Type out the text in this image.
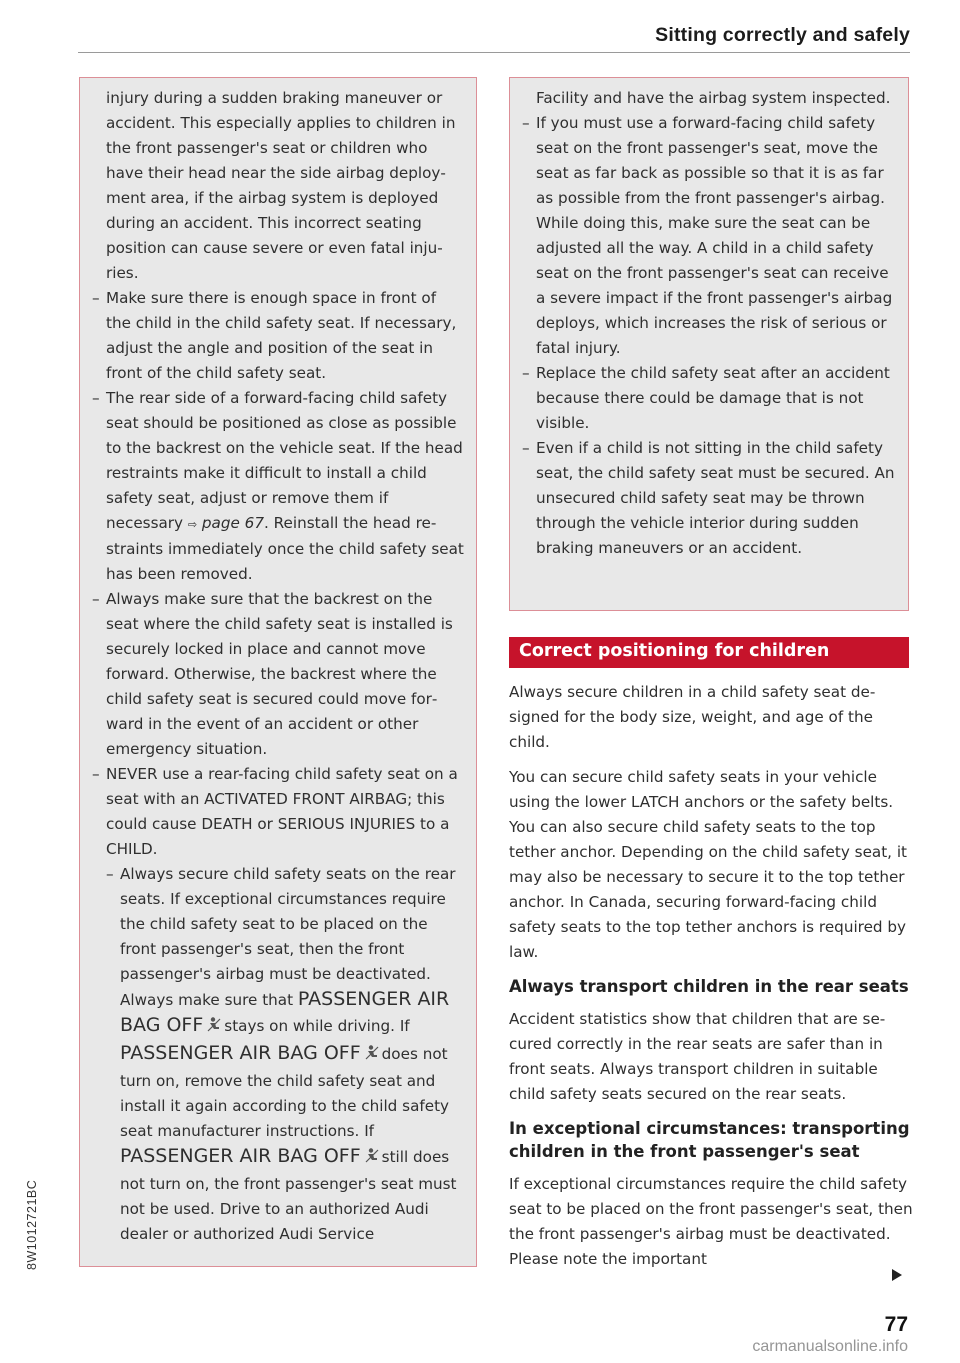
Sitting correctly and safely
8W1012721BC

injury during a sudden braking maneuver or accident. This especially applies to children in the front passenger's seat or children who have their head near the side airbag deployment area, if the airbag system is deployed during an accident. This incorrect seating position can cause severe or even fatal injuries.

– Make sure there is enough space in front of the child in the child safety seat. If necessary, adjust the angle and position of the seat in front of the child safety seat.

– The rear side of a forward-facing child safety seat should be positioned as close as possible to the backrest on the vehicle seat. If the head restraints make it difficult to install a child safety seat, adjust or remove them if necessary ⇨ page 67. Reinstall the head restraints immediately once the child safety seat has been removed.

– Always make sure that the backrest on the seat where the child safety seat is installed is securely locked in place and cannot move forward. Otherwise, the backrest where the child safety seat is secured could move forward in the event of an accident or other emergency situation.

– NEVER use a rear-facing child safety seat on a seat with an ACTIVATED FRONT AIRBAG; this could cause DEATH or SERIOUS INJURIES to a CHILD.

– Always secure child safety seats on the rear seats. If exceptional circumstances require the child safety seat to be placed on the front passenger's seat, then the front passenger's airbag must be deactivated. Always make sure that PASSENGER AIR BAG OFF stays on while driving. If PASSENGER AIR BAG OFF does not turn on, remove the child safety seat and install it again according to the child safety seat manufacturer instructions. If PASSENGER AIR BAG OFF still does not turn on, the front passenger's seat must not be used. Drive to an authorized Audi dealer or authorized Audi Service

Facility and have the airbag system inspected.

– If you must use a forward-facing child safety seat on the front passenger's seat, move the seat as far back as possible so that it is as far as possible from the front passenger's airbag. While doing this, make sure the seat can be adjusted all the way. A child in a child safety seat on the front passenger's seat can receive a severe impact if the front passenger's airbag deploys, which increases the risk of serious or fatal injury.

– Replace the child safety seat after an accident because there could be damage that is not visible.

– Even if a child is not sitting in the child safety seat, the child safety seat must be secured. An unsecured child safety seat may be thrown through the vehicle interior during sudden braking maneuvers or an accident.

Correct positioning for children

Always secure children in a child safety seat designed for the body size, weight, and age of the child.

You can secure child safety seats in your vehicle using the lower LATCH anchors or the safety belts. You can also secure child safety seats to the top tether anchor. Depending on the child safety seat, it may also be necessary to secure it to the top tether anchor. In Canada, securing forward-facing child safety seats to the top tether anchors is required by law.

Always transport children in the rear seats

Accident statistics show that children that are secured correctly in the rear seats are safer than in front seats. Always transport children in suitable child safety seats secured on the rear seats.

In exceptional circumstances: transporting children in the front passenger's seat

If exceptional circumstances require the child safety seat to be placed on the front passenger's seat, then the front passenger's airbag must be deactivated. Please note the important

77
carmanualsonline.info
